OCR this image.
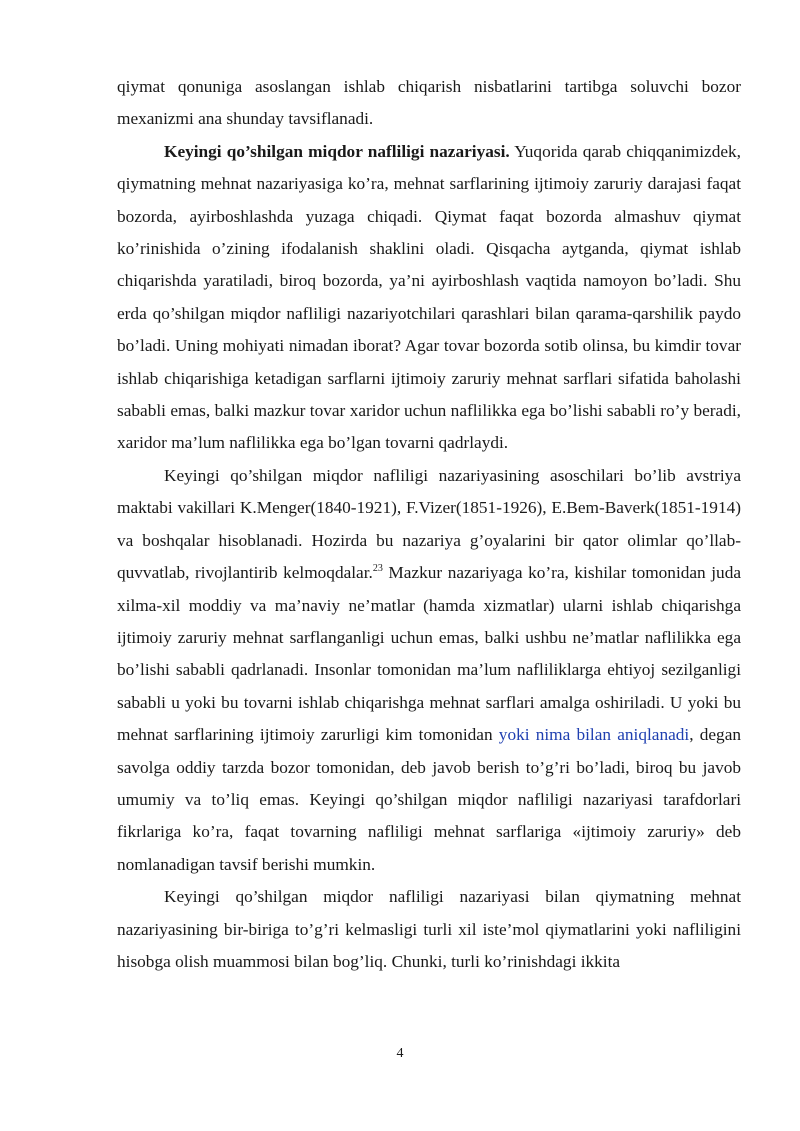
qiymat qonuniga asoslangan ishlab chiqarish nisbatlarini tartibga soluvchi bozor mexanizmi ana shunday tavsiflanadi.

Keyingi qo’shilgan miqdor nafliligi nazariyasi. Yuqorida qarab chiqqanimizdek, qiymatning mehnat nazariyasiga ko’ra, mehnat sarflarining ijtimoiy zaruriy darajasi faqat bozorda, ayirboshlashda yuzaga chiqadi. Qiymat faqat bozorda almashuv qiymat ko’rinishida o’zining ifodalanish shaklini oladi. Qisqacha aytganda, qiymat ishlab chiqarishda yaratiladi, biroq bozorda, ya’ni ayirboshlash vaqtida namoyon bo’ladi. Shu erda qo’shilgan miqdor nafliligi nazariyotchilari qarashlari bilan qarama-qarshilik paydo bo’ladi. Uning mohiyati nimadan iborat? Agar tovar bozorda sotib olinsa, bu kimdir tovar ishlab chiqarishiga ketadigan sarflarni ijtimoiy zaruriy mehnat sarflari sifatida baholashi sababli emas, balki mazkur tovar xaridor uchun naflilikka ega bo’lishi sababli ro’y beradi, xaridor ma’lum naflilikka ega bo’lgan tovarni qadrlaydi.

Keyingi qo’shilgan miqdor nafliligi nazariyasining asoschilari bo’lib avstriya maktabi vakillari K.Menger(1840-1921), F.Vizer(1851-1926), E.Bem-Baverk(1851-1914) va boshqalar hisoblanadi. Hozirda bu nazariya g’oyalarini bir qator olimlar qo’llab-quvvatlab, rivojlantirib kelmoqdalar.$^{23}$ Mazkur nazariyaga ko’ra, kishilar tomonidan juda xilma-xil moddiy va ma’naviy ne’matlar (hamda xizmatlar) ularni ishlab chiqarishga ijtimoiy zaruriy mehnat sarflanganligi uchun emas, balki ushbu ne’matlar naflilikka ega bo’lishi sababli qadrlanadi. Insonlar tomonidan ma’lum nafliliklarga ehtiyoj sezilganligi sababli u yoki bu tovarni ishlab chiqarishga mehnat sarflari amalga oshiriladi. U yoki bu mehnat sarflarining ijtimoiy zarurligi kim tomonidan yoki nima bilan aniqlanadi, degan savolga oddiy tarzda bozor tomonidan, deb javob berish to’g’ri bo’ladi, biroq bu javob umumiy va to’liq emas. Keyingi qo’shilgan miqdor nafliligi nazariyasi tarafdorlari fikrlariga ko’ra, faqat tovarning nafliligi mehnat sarflariga «ijtimoiy zaruriy» deb nomlanadigan tavsif berishi mumkin.

Keyingi qo’shilgan miqdor nafliligi nazariyasi bilan qiymatning mehnat nazariyasining bir-biriga to’g’ri kelmasligi turli xil iste’mol qiymatlarini yoki nafliligini hisobga olish muammosi bilan bog’liq. Chunki, turli ko’rinishdagi ikkita

4
